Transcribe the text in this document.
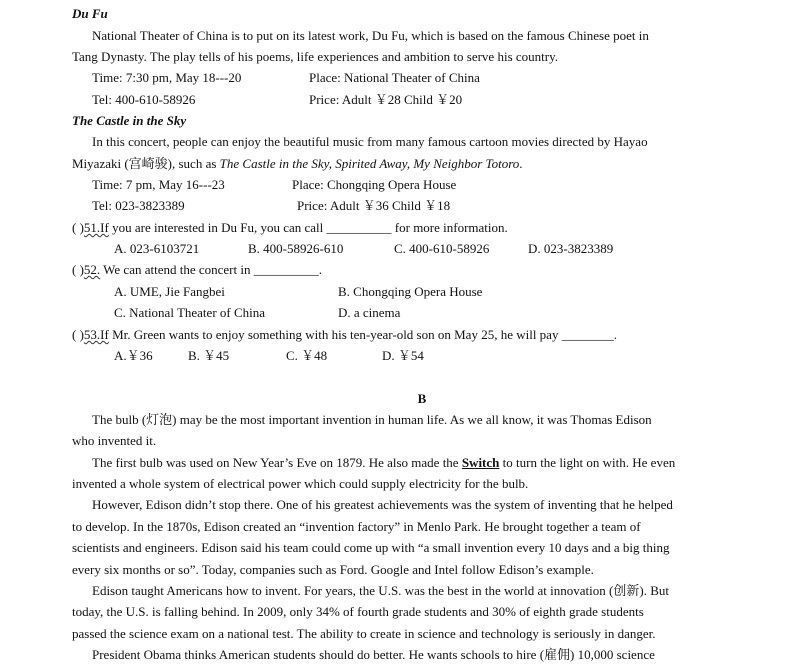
Du Fu
National Theater of China is to put on its latest work, Du Fu, which is based on the famous Chinese poet in
Tang Dynasty. The play tells of his poems, life experiences and ambition to serve his country.
Time: 7:30 pm, May 18---20	Place: National Theater of China
Tel: 400-610-58926	Price: Adult ￥28 Child ￥20
The Castle in the Sky
In this concert, people can enjoy the beautiful music from many famous cartoon movies directed by Hayao
Miyazaki (宫崎骏), such as The Castle in the Sky, Spirited Away, My Neighbor Totoro.
Time: 7 pm, May 16---23	Place: Chongqing Opera House
Tel: 023-3823389	Price: Adult ￥36 Child ￥18
( )51.If you are interested in Du Fu, you can call __________ for more information.
A. 023-6103721	B. 400-58926-610	C. 400-610-58926	D. 023-3823389
( )52. We can attend the concert in __________.
A. UME, Jie Fangbei	B. Chongqing Opera House
C. National Theater of China	D. a cinema
( )53.If Mr. Green wants to enjoy something with his ten-year-old son on May 25, he will pay ________.
A.￥36	B. ￥45	C. ￥48	D. ￥54
B
The bulb (灯泡) may be the most important invention in human life. As we all know, it was Thomas Edison
who invented it.
The first bulb was used on New Year’s Eve on 1879. He also made the Switch to turn the light on with. He even
invented a whole system of electrical power which could supply electricity for the bulb.
However, Edison didn’t stop there. One of his greatest achievements was the system of inventing that he helped
to develop. In the 1870s, Edison created an “invention factory” in Menlo Park. He brought together a team of
scientists and engineers. Edison said his team could come up with “a small invention every 10 days and a big thing
every six months or so”. Today, companies such as Ford. Google and Intel follow Edison’s example.
Edison taught Americans how to invent. For years, the U.S. was the best in the world at innovation (创新). But
today, the U.S. is falling behind. In 2009, only 34% of fourth grade students and 30% of eighth grade students
passed the science exam on a national test. The ability to create in science and technology is seriously in danger.
President Obama thinks American students should do better. He wants schools to hire (雇佣) 10,000 science
